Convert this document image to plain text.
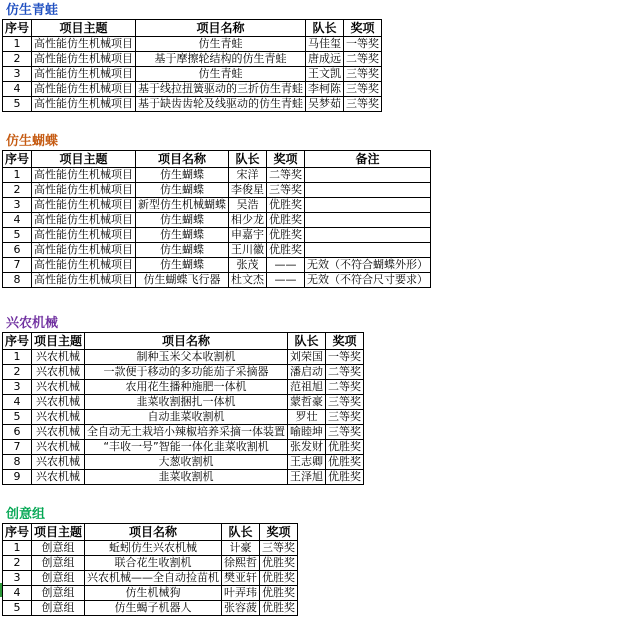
仿生青蛙
序号	项目主题	项目名称	队长	奖项
1	高性能仿生机械项目	仿生青蛙	马佳玺	一等奖
2	高性能仿生机械项目	基于摩擦轮结构的仿生青蛙	唐成远	二等奖
3	高性能仿生机械项目	仿生青蛙	王文凯	三等奖
4	高性能仿生机械项目	基于线拉扭簧驱动的三折仿生青蛙	李柯陈	三等奖
5	高性能仿生机械项目	基于缺齿齿轮及线驱动的仿生青蛙	吴梦茹	三等奖
仿生蝴蝶
序号	项目主题	项目名称	队长	奖项	备注
1	高性能仿生机械项目	仿生蝴蝶	宋洋	二等奖	
2	高性能仿生机械项目	仿生蝴蝶	李俊星	三等奖	
3	高性能仿生机械项目	新型仿生机械蝴蝶	吴浩	优胜奖	
4	高性能仿生机械项目	仿生蝴蝶	相少龙	优胜奖	
5	高性能仿生机械项目	仿生蝴蝶	申嘉宇	优胜奖	
6	高性能仿生机械项目	仿生蝴蝶	王川徽	优胜奖	
7	高性能仿生机械项目	仿生蝴蝶	张茂	——	无效（不符合蝴蝶外形）
8	高性能仿生机械项目	仿生蝴蝶飞行器	杜文杰	——	无效（不符合尺寸要求）
兴农机械
序号	项目主题	项目名称	队长	奖项
1	兴农机械	制种玉米父本收割机	刘荣国	一等奖
2	兴农机械	一款便于移动的多功能茄子采摘器	潘启动	二等奖
3	兴农机械	农用花生播种施肥一体机	范祖旭	二等奖
4	兴农机械	韭菜收割捆扎一体机	蒙哲豪	三等奖
5	兴农机械	自动韭菜收割机	罗壮	三等奖
6	兴农机械	全自动无土栽培小辣椒培养采摘一体装置	喻睦坤	三等奖
7	兴农机械	“丰收一号”智能一体化韭菜收割机	张发财	优胜奖
8	兴农机械	大葱收割机	王志卿	优胜奖
9	兴农机械	韭菜收割机	王泽旭	优胜奖
创意组
序号	项目主题	项目名称	队长	奖项
1	创意组	蚯蚓仿生兴农机械	计豪	三等奖
2	创意组	联合花生收割机	徐熙哲	优胜奖
3	创意组	兴农机械——全自动捡苗机	樊亚轩	优胜奖
4	创意组	仿生机械狗	叶弄玮	优胜奖
5	创意组	仿生蝎子机器人	张容菠	优胜奖
